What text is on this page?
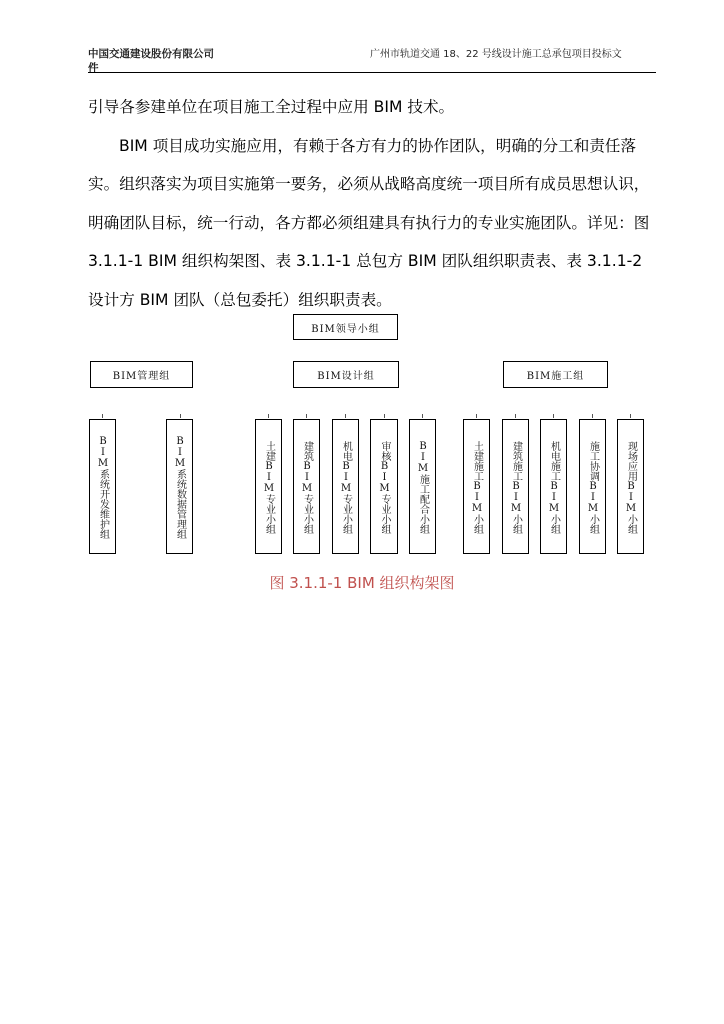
中国交通建设股份有限公司
件
广州市轨道交通 18、22 号线设计施工总承包项目投标文

引导各参建单位在项目施工全过程中应用 BIM 技术。

BIM 项目成功实施应用，有赖于各方有力的协作团队，明确的分工和责任落实。组织落实为项目实施第一要务，必须从战略高度统一项目所有成员思想认识，明确团队目标，统一行动，各方都必须组建具有执行力的专业实施团队。详见：图 3.1.1-1 BIM 组织构架图、表 3.1.1-1 总包方 BIM 团队组织职责表、表 3.1.1-2 设计方 BIM 团队（总包委托）组织职责表。

BIM领导小组
BIM管理组	BIM设计组	BIM施工组
BIM系统开发维护组	BIM系统数据管理组	土建BIM专业小组	建筑BIM专业小组	机电BIM专业小组	审核BIM专业小组	BIM施工配合小组	土建施工BIM小组	建筑施工BIM小组	机电施工BIM小组	施工协调BIM小组	现场应用BIM小组
图 3.1.1-1 BIM 组织构架图
